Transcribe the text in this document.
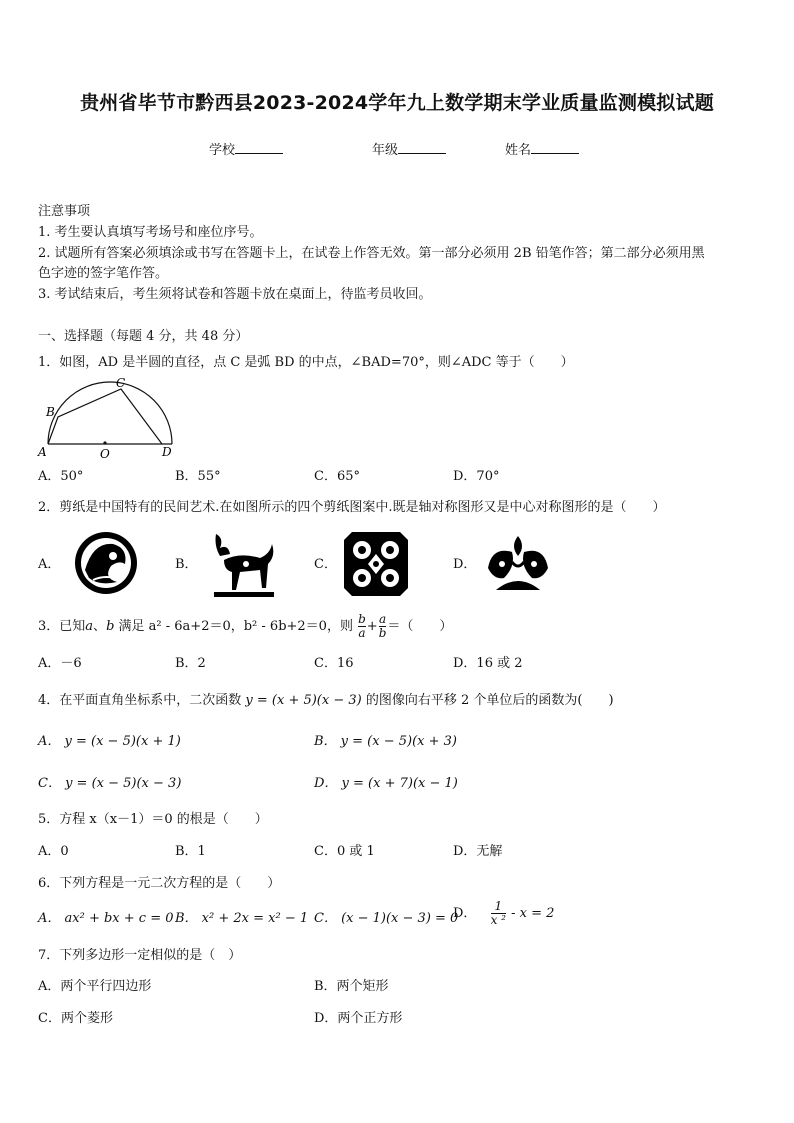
贵州省毕节市黔西县2023-2024学年九上数学期末学业质量监测模拟试题
学校	年级	姓名
注意事项
1. 考生要认真填写考场号和座位序号。
2. 试题所有答案必须填涂或书写在答题卡上，在试卷上作答无效。第一部分必须用 2B 铅笔作答；第二部分必须用黑
色字迹的签字笔作答。
3. 考试结束后，考生须将试卷和答题卡放在桌面上，待监考员收回。
一、选择题（每题 4 分，共 48 分）
1．如图，AD 是半圆的直径，点 C 是弧 BD 的中点，∠BAD=70°，则∠ADC 等于（　　）
C
B
A	D
O
A．50°	B．55°	C．65°	D．70°
2．剪纸是中国特有的民间艺术.在如图所示的四个剪纸图案中.既是轴对称图形又是中心对称图形的是（　　）
A．	B．	C．	D．
3．已知a、b 满足 a² - 6a+2＝0，b² - 6b+2＝0，则 $\frac{b}{a} + \frac{a}{b}$ ＝（　　）
A．－6	B．2	C．16	D．16 或 2
4．在平面直角坐标系中，二次函数 y = (x + 5)(x − 3) 的图像向右平移 2 个单位后的函数为(　　)
A． y = (x − 5)(x + 1)	B． y = (x − 5)(x + 3)
C． y = (x − 5)(x − 3)	D． y = (x + 7)(x − 1)
5．方程 x（x－1）＝0 的根是（　　）
A．0	B．1	C．0 或 1	D．无解
6．下列方程是一元二次方程的是（　　）
A． ax² + bx + c = 0 B． x² + 2x = x² − 1 C． (x − 1)(x − 3) = 0
D． $\frac{1}{\text{x ²}} - x = 2$
7．下列多边形一定相似的是（　）
A．两个平行四边形	B．两个矩形
C．两个菱形	D．两个正方形
